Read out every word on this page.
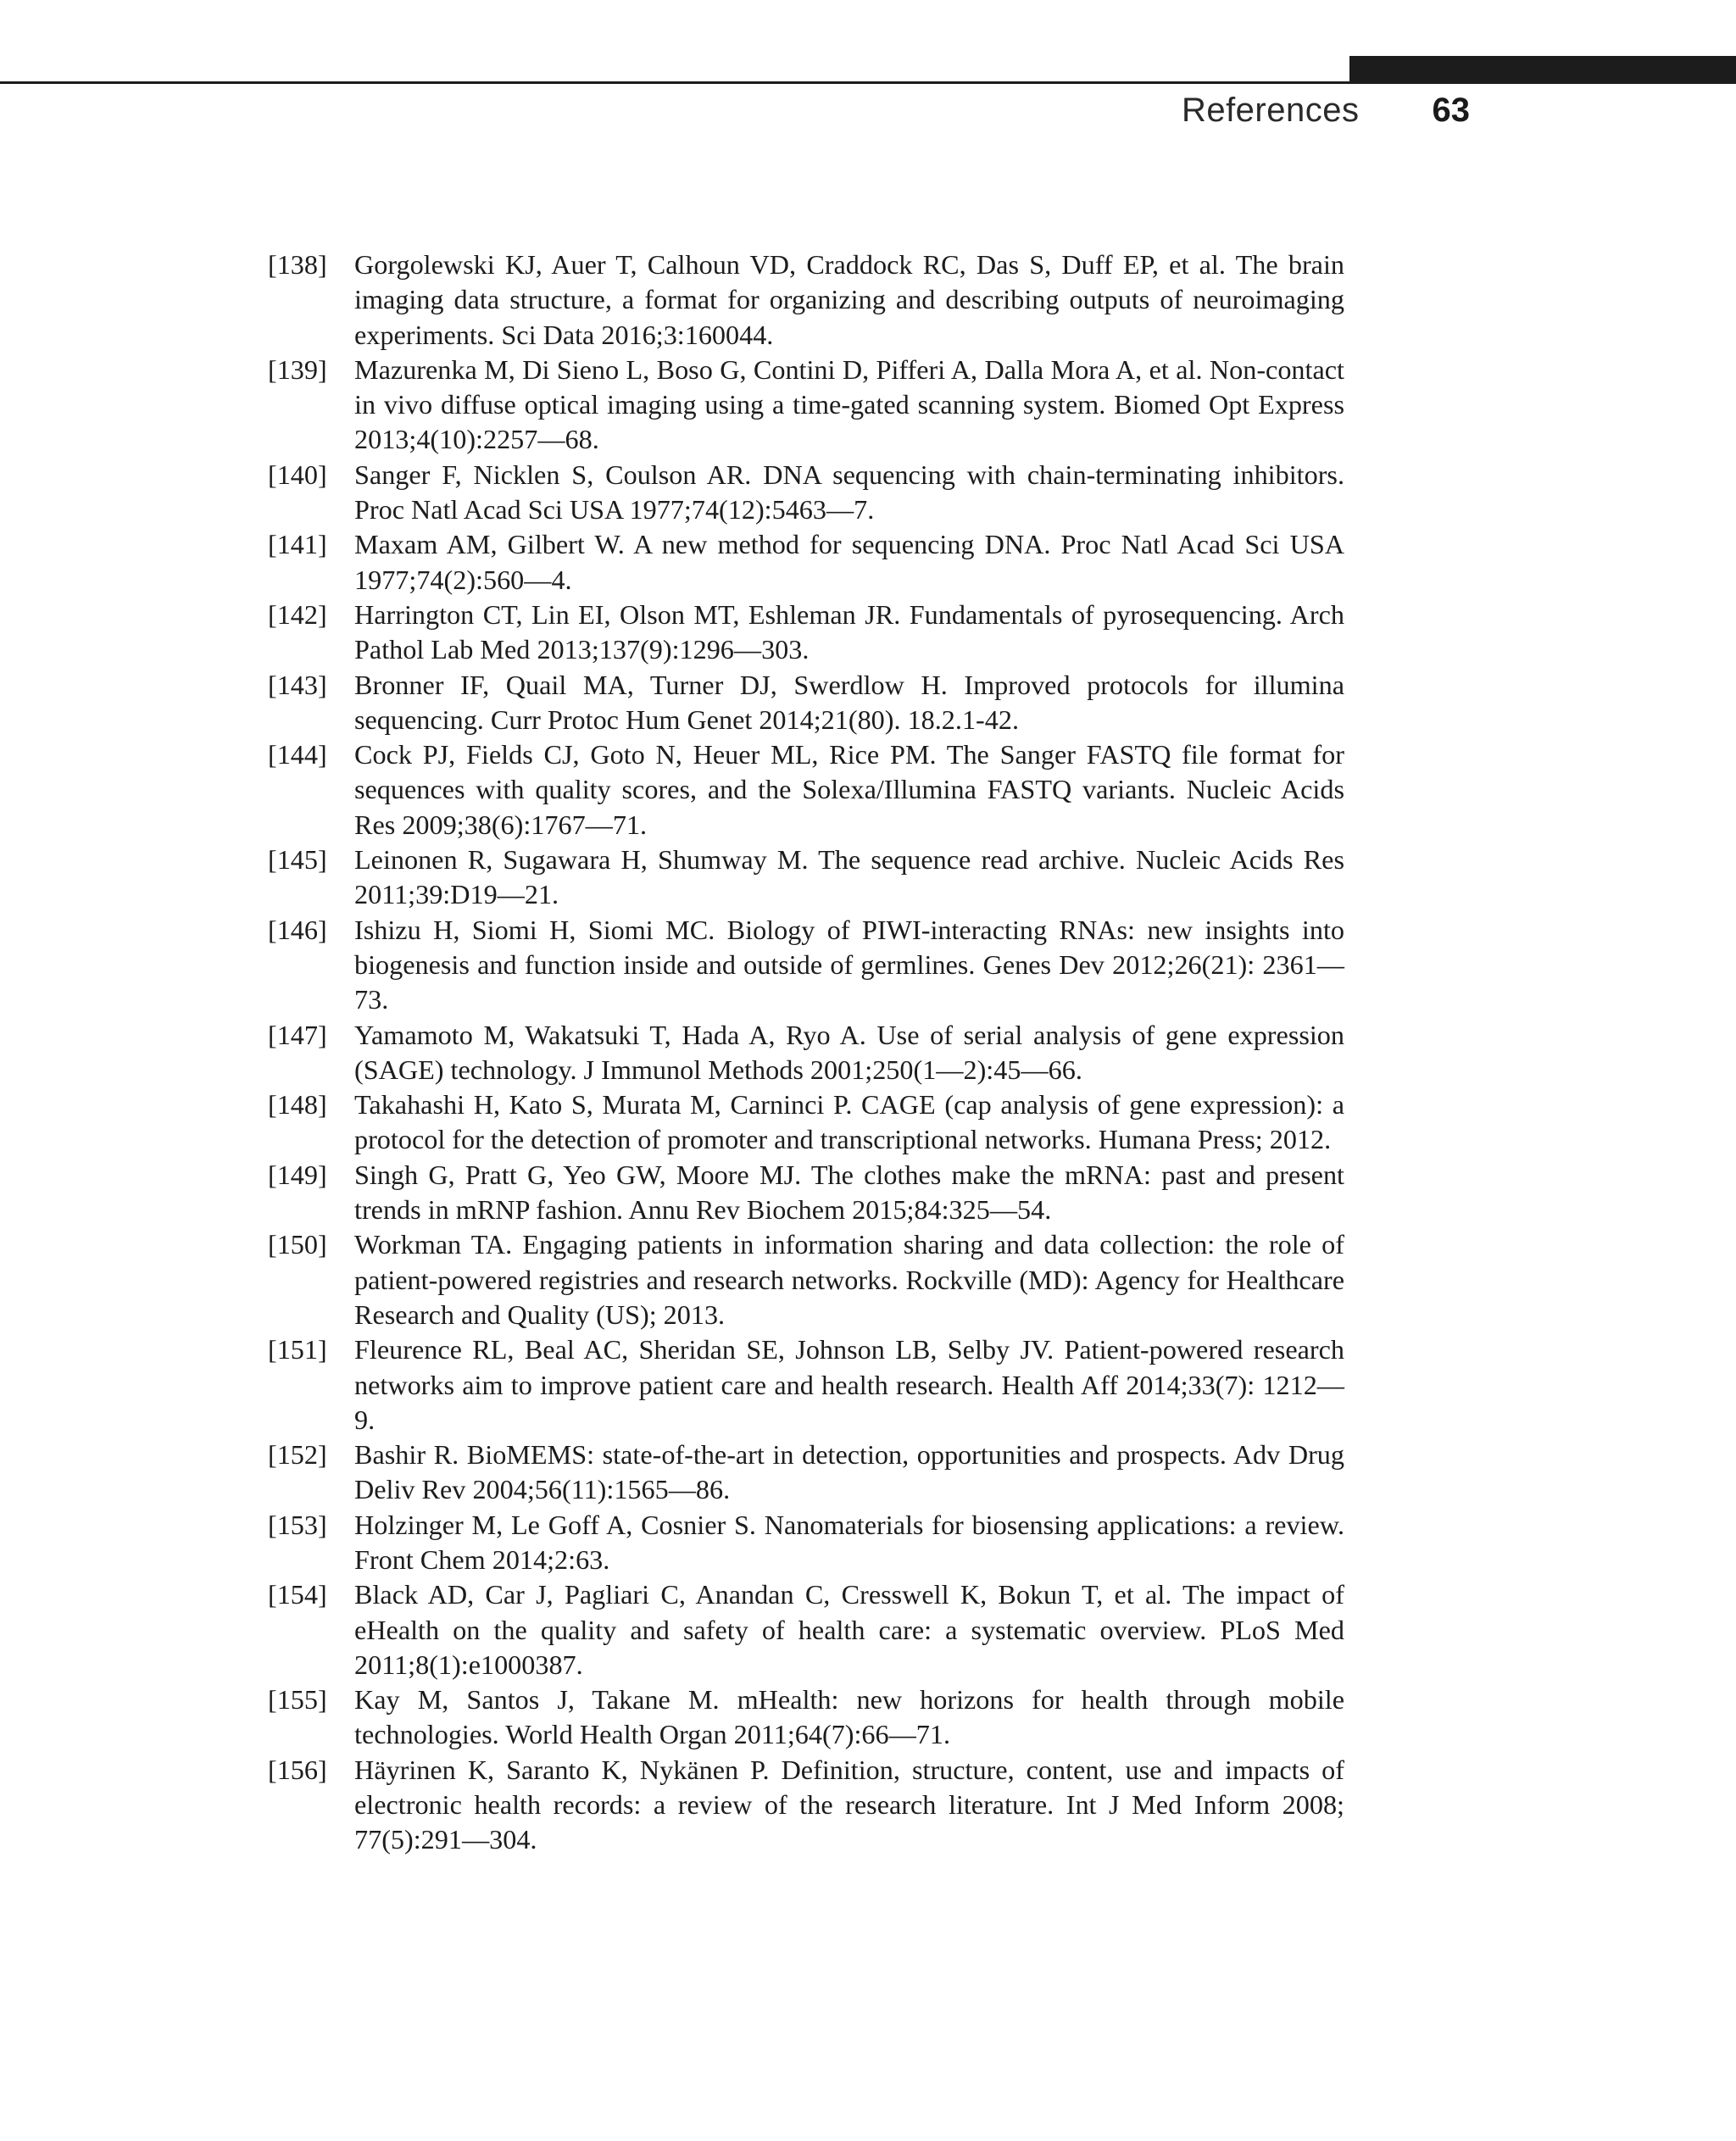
References 63
[138]	Gorgolewski KJ, Auer T, Calhoun VD, Craddock RC, Das S, Duff EP, et al. The brain imaging data structure, a format for organizing and describing outputs of neuroimaging experiments. Sci Data 2016;3:160044.
[139]	Mazurenka M, Di Sieno L, Boso G, Contini D, Pifferi A, Dalla Mora A, et al. Non-contact in vivo diffuse optical imaging using a time-gated scanning system. Biomed Opt Express 2013;4(10):2257—68.
[140]	Sanger F, Nicklen S, Coulson AR. DNA sequencing with chain-terminating inhibitors. Proc Natl Acad Sci USA 1977;74(12):5463—7.
[141]	Maxam AM, Gilbert W. A new method for sequencing DNA. Proc Natl Acad Sci USA 1977;74(2):560—4.
[142]	Harrington CT, Lin EI, Olson MT, Eshleman JR. Fundamentals of pyrosequencing. Arch Pathol Lab Med 2013;137(9):1296—303.
[143]	Bronner IF, Quail MA, Turner DJ, Swerdlow H. Improved protocols for illumina sequencing. Curr Protoc Hum Genet 2014;21(80). 18.2.1-42.
[144]	Cock PJ, Fields CJ, Goto N, Heuer ML, Rice PM. The Sanger FASTQ file format for sequences with quality scores, and the Solexa/Illumina FASTQ variants. Nucleic Acids Res 2009;38(6):1767—71.
[145]	Leinonen R, Sugawara H, Shumway M. The sequence read archive. Nucleic Acids Res 2011;39:D19—21.
[146]	Ishizu H, Siomi H, Siomi MC. Biology of PIWI-interacting RNAs: new insights into biogenesis and function inside and outside of germlines. Genes Dev 2012;26(21): 2361—73.
[147]	Yamamoto M, Wakatsuki T, Hada A, Ryo A. Use of serial analysis of gene expression (SAGE) technology. J Immunol Methods 2001;250(1—2):45—66.
[148]	Takahashi H, Kato S, Murata M, Carninci P. CAGE (cap analysis of gene expression): a protocol for the detection of promoter and transcriptional networks. Humana Press; 2012.
[149]	Singh G, Pratt G, Yeo GW, Moore MJ. The clothes make the mRNA: past and present trends in mRNP fashion. Annu Rev Biochem 2015;84:325—54.
[150]	Workman TA. Engaging patients in information sharing and data collection: the role of patient-powered registries and research networks. Rockville (MD): Agency for Healthcare Research and Quality (US); 2013.
[151]	Fleurence RL, Beal AC, Sheridan SE, Johnson LB, Selby JV. Patient-powered research networks aim to improve patient care and health research. Health Aff 2014;33(7): 1212—9.
[152]	Bashir R. BioMEMS: state-of-the-art in detection, opportunities and prospects. Adv Drug Deliv Rev 2004;56(11):1565—86.
[153]	Holzinger M, Le Goff A, Cosnier S. Nanomaterials for biosensing applications: a review. Front Chem 2014;2:63.
[154]	Black AD, Car J, Pagliari C, Anandan C, Cresswell K, Bokun T, et al. The impact of eHealth on the quality and safety of health care: a systematic overview. PLoS Med 2011;8(1):e1000387.
[155]	Kay M, Santos J, Takane M. mHealth: new horizons for health through mobile technologies. World Health Organ 2011;64(7):66—71.
[156]	Häyrinen K, Saranto K, Nykänen P. Definition, structure, content, use and impacts of electronic health records: a review of the research literature. Int J Med Inform 2008; 77(5):291—304.
